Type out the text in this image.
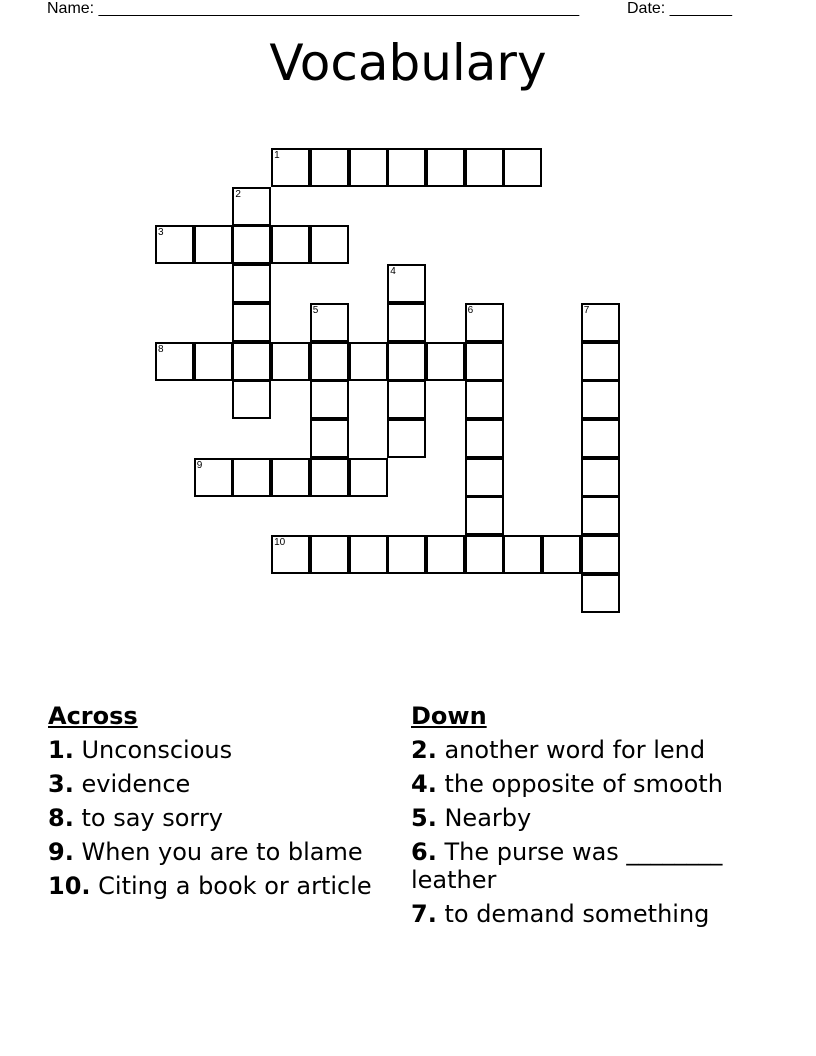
Name: ______________________________________________________	Date: _______
Vocabulary
1
2
3
4
5	6	7
8
9
10
Across
1. Unconscious
3. evidence
8. to say sorry
9. When you are to blame
10. Citing a book or article
Down
2. another word for lend
4. the opposite of smooth
5. Nearby
6. The purse was ________ leather
7. to demand something
